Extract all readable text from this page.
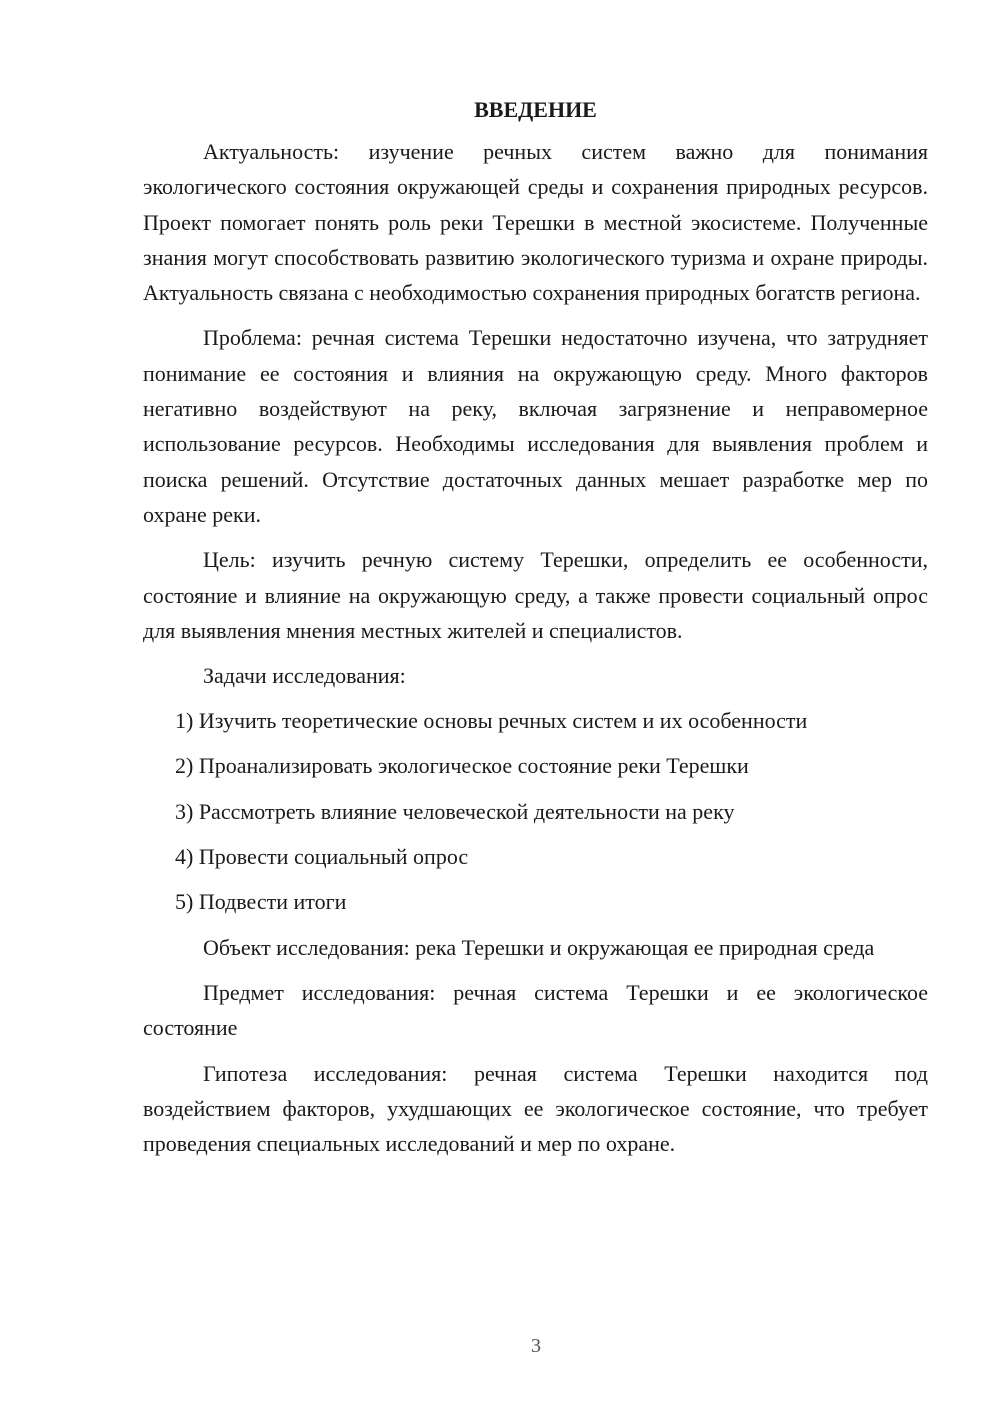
ВВЕДЕНИЕ

Актуальность: изучение речных систем важно для понимания экологического состояния окружающей среды и сохранения природных ресурсов. Проект помогает понять роль реки Терешки в местной экосистеме. Полученные знания могут способствовать развитию экологического туризма и охране природы. Актуальность связана с необходимостью сохранения природных богатств региона.

Проблема: речная система Терешки недостаточно изучена, что затрудняет понимание ее состояния и влияния на окружающую среду. Много факторов негативно воздействуют на реку, включая загрязнение и неправомерное использование ресурсов. Необходимы исследования для выявления проблем и поиска решений. Отсутствие достаточных данных мешает разработке мер по охране реки.

Цель: изучить речную систему Терешки, определить ее особенности, состояние и влияние на окружающую среду, а также провести социальный опрос для выявления мнения местных жителей и специалистов.

Задачи исследования:
1) Изучить теоретические основы речных систем и их особенности
2) Проанализировать экологическое состояние реки Терешки
3) Рассмотреть влияние человеческой деятельности на реку
4) Провести социальный опрос
5) Подвести итоги

Объект исследования: река Терешки и окружающая ее природная среда

Предмет исследования: речная система Терешки и ее экологическое состояние

Гипотеза исследования: речная система Терешки находится под воздействием факторов, ухудшающих ее экологическое состояние, что требует проведения специальных исследований и мер по охране.

3
